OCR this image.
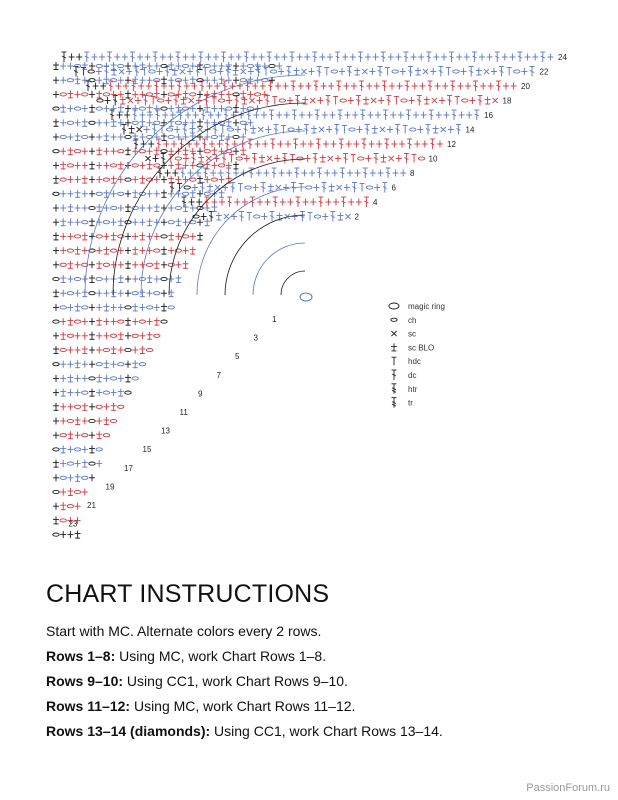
24
22
20
18
16
14
12
10
8
6
4
2
1
3
5
7
9
11
13
15
17
19
21
23
magic ring
ch
sc
sc BLO
hdc
dc
htr
tr
CHART INSTRUCTIONS

Start with MC. Alternate colors every 2 rows.

Rows 1–8: Using MC, work Chart Rows 1–8.

Rows 9–10: Using CC1, work Chart Rows 9–10.

Rows 11–12: Using MC, work Chart Rows 11–12.

Rows 13–14 (diamonds): Using CC1, work Chart Rows 13–14.

PassionForum.ru
